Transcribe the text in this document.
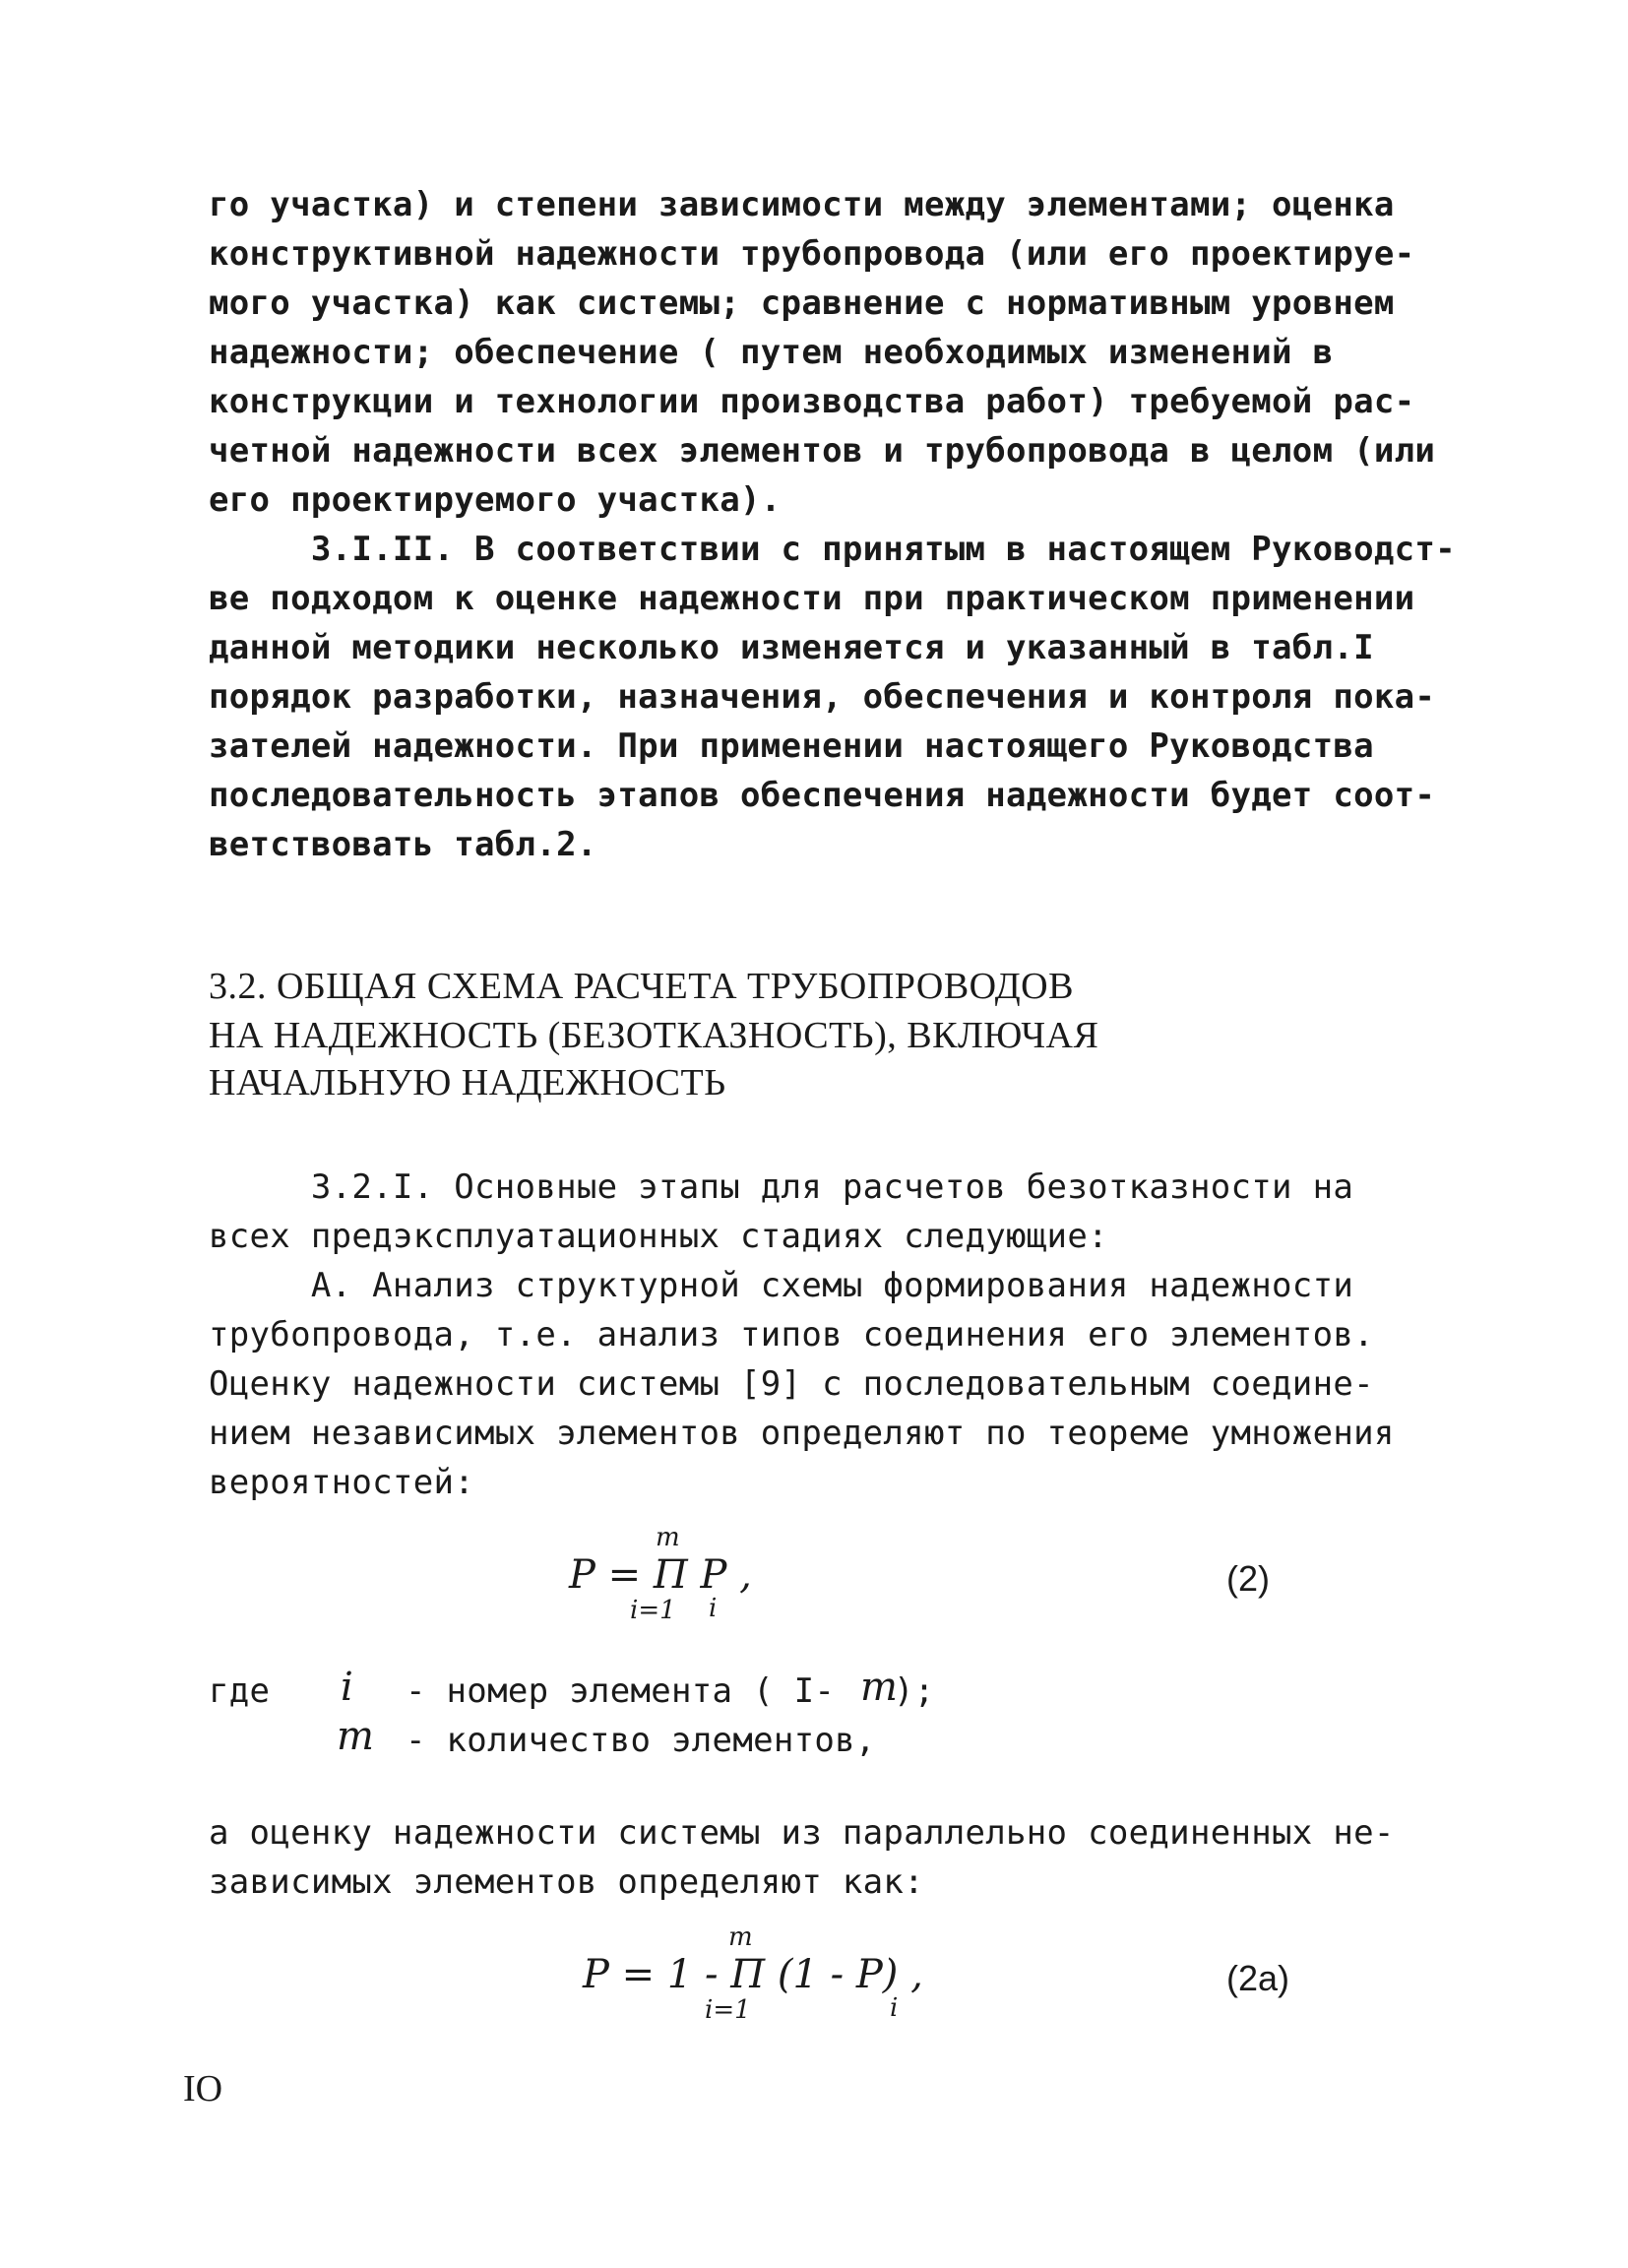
го участка) и степени зависимости между элементами; оценка
конструктивной надежности трубопровода (или его проектируе-
мого участка) как системы; сравнение с нормативным уровнем
надежности; обеспечение ( путем необходимых изменений в
конструкции и технологии производства работ) требуемой рас-
четной надежности всех элементов и трубопровода в целом (или
его проектируемого участка).
3.I.II. В соответствии с принятым в настоящем Руководст-
ве подходом к оценке надежности при практическом применении
данной методики несколько изменяется и указанный в табл.I
порядок разработки, назначения, обеспечения и контроля пока-
зателей надежности. При применении настоящего Руководства
последовательность этапов обеспечения надежности будет соот-
ветствовать табл.2.
3.2. ОБЩАЯ СХЕМА РАСЧЕТА ТРУБОПРОВОДОВ
НА НАДЕЖНОСТЬ (БЕЗОТКАЗНОСТЬ), ВКЛЮЧАЯ
НАЧАЛЬНУЮ НАДЕЖНОСТЬ
3.2.I. Основные этапы для расчетов безотказности на
всех предэксплуатационных стадиях следующие:
А. Анализ структурной схемы формирования надежности
трубопровода, т.е. анализ типов соединения его элементов.
Оценку надежности системы [9] с последовательным соедине-
нием независимых элементов определяют по теореме умножения
вероятностей:
P = Π P ,
m
i=1 i
(2)
где i - номер элемента ( I- m
);
m - количество элементов,
а оценку надежности системы из параллельно соединенных не-
зависимых элементов определяют как:
P = 1 - Π (1 - P) ,
m
i=1	i
(2a)
IO
